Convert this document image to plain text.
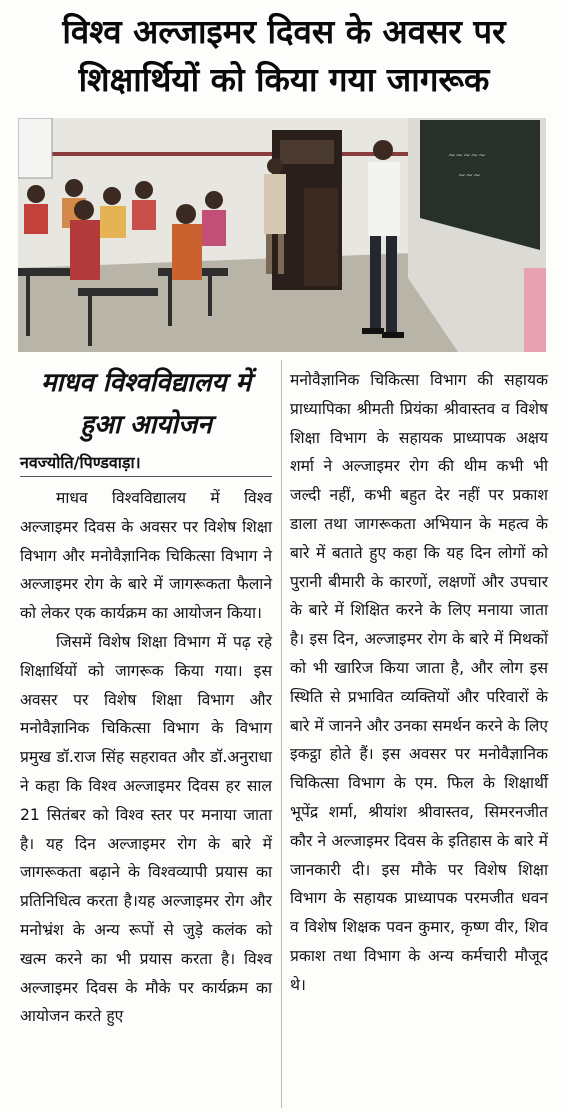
विश्व अल्जाइमर दिवस के अवसर पर शिक्षार्थियों को किया गया जागरूक
~~~~~
~~~
माधव विश्वविद्यालय में हुआ आयोजन
नवज्योति/पिण्डवाड़ा।

माधव विश्वविद्यालय में विश्व अल्जाइमर दिवस के अवसर पर विशेष शिक्षा विभाग और मनोवैज्ञानिक चिकित्सा विभाग ने अल्जाइमर रोग के बारे में जागरूकता फैलाने को लेकर एक कार्यक्रम का आयोजन किया।

जिसमें विशेष शिक्षा विभाग में पढ़ रहे शिक्षार्थियों को जागरूक किया गया। इस अवसर पर विशेष शिक्षा विभाग और मनोवैज्ञानिक चिकित्सा विभाग के विभाग प्रमुख डॉ.राज सिंह सहरावत और डॉ.अनुराधा ने कहा कि विश्व अल्जाइमर दिवस हर साल 21 सितंबर को विश्व स्तर पर मनाया जाता है। यह दिन अल्जाइमर रोग के बारे में जागरूकता बढ़ाने के विश्वव्यापी प्रयास का प्रतिनिधित्व करता है।यह अल्जाइमर रोग और मनोभ्रंश के अन्य रूपों से जुड़े कलंक को खत्म करने का भी प्रयास करता है। विश्व अल्जाइमर दिवस के मौके पर कार्यक्रम का आयोजन करते हुए

मनोवैज्ञानिक चिकित्सा विभाग की सहायक प्राध्यापिका श्रीमती प्रियंका श्रीवास्तव व विशेष शिक्षा विभाग के सहायक प्राध्यापक अक्षय शर्मा ने अल्जाइमर रोग की थीम कभी भी जल्दी नहीं, कभी बहुत देर नहीं पर प्रकाश डाला तथा जागरूकता अभियान के महत्व के बारे में बताते हुए कहा कि यह दिन लोगों को पुरानी बीमारी के कारणों, लक्षणों और उपचार के बारे में शिक्षित करने के लिए मनाया जाता है। इस दिन, अल्जाइमर रोग के बारे में मिथकों को भी खारिज किया जाता है, और लोग इस स्थिति से प्रभावित व्यक्तियों और परिवारों के बारे में जानने और उनका समर्थन करने के लिए इकट्ठा होते हैं। इस अवसर पर मनोवैज्ञानिक चिकित्सा विभाग के एम. फिल के शिक्षार्थी भूपेंद्र शर्मा, श्रीयांश श्रीवास्तव, सिमरनजीत कौर ने अल्जाइमर दिवस के इतिहास के बारे में जानकारी दी। इस मौके पर विशेष शिक्षा विभाग के सहायक प्राध्यापक परमजीत धवन व विशेष शिक्षक पवन कुमार, कृष्ण वीर, शिव प्रकाश तथा विभाग के अन्य कर्मचारी मौजूद थे।
